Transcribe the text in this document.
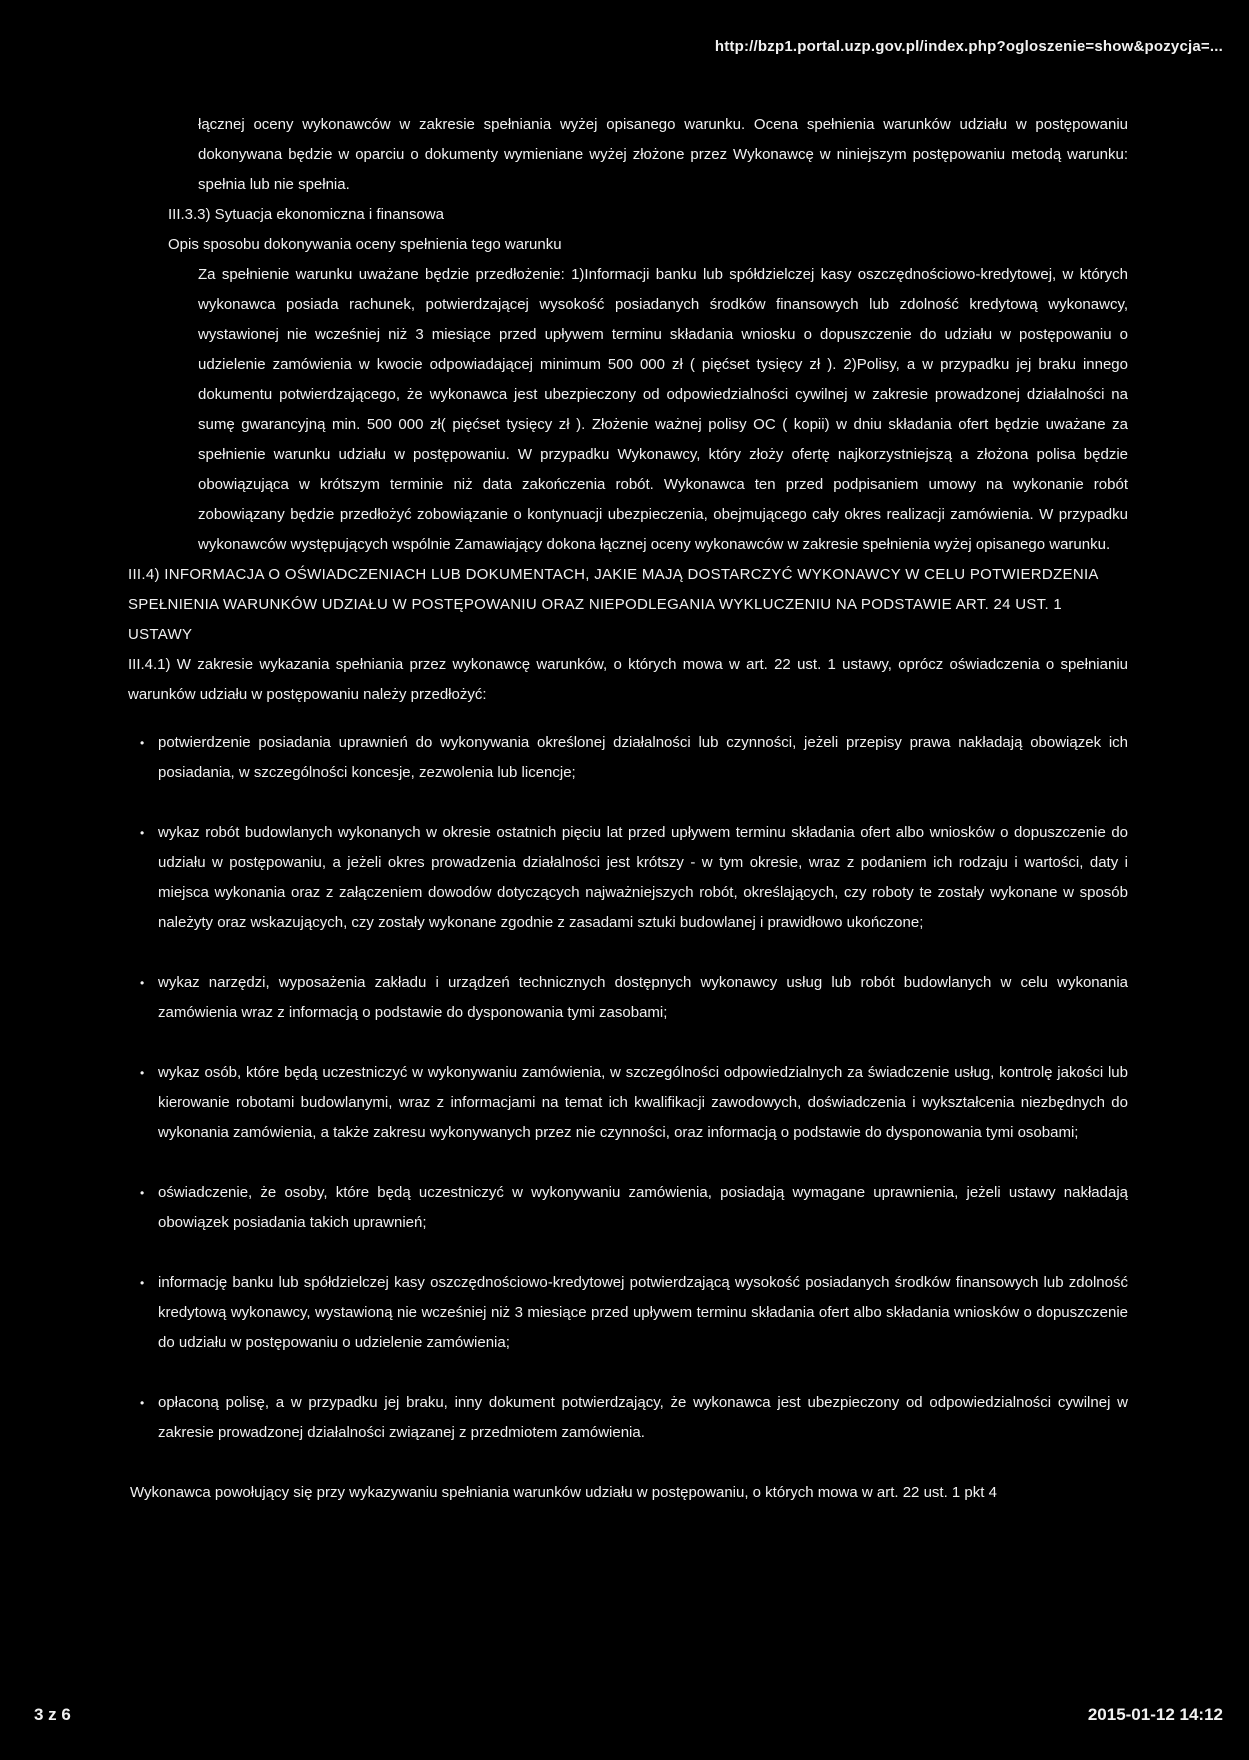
http://bzp1.portal.uzp.gov.pl/index.php?ogloszenie=show&pozycja=...

łącznej oceny wykonawców w zakresie spełniania wyżej opisanego warunku. Ocena spełnienia warunków udziału w postępowaniu dokonywana będzie w oparciu o dokumenty wymieniane wyżej złożone przez Wykonawcę w niniejszym postępowaniu metodą warunku: spełnia lub nie spełnia.

III.3.3) Sytuacja ekonomiczna i finansowa

Opis sposobu dokonywania oceny spełnienia tego warunku

Za spełnienie warunku uważane będzie przedłożenie: 1)Informacji banku lub spółdzielczej kasy oszczędnościowo-kredytowej, w których wykonawca posiada rachunek, potwierdzającej wysokość posiadanych środków finansowych lub zdolność kredytową wykonawcy, wystawionej nie wcześniej niż 3 miesiące przed upływem terminu składania wniosku o dopuszczenie do udziału w postępowaniu o udzielenie zamówienia w kwocie odpowiadającej minimum 500 000 zł ( pięćset tysięcy zł ). 2)Polisy, a w przypadku jej braku innego dokumentu potwierdzającego, że wykonawca jest ubezpieczony od odpowiedzialności cywilnej w zakresie prowadzonej działalności na sumę gwarancyjną min. 500 000 zł( pięćset tysięcy zł ). Złożenie ważnej polisy OC ( kopii) w dniu składania ofert będzie uważane za spełnienie warunku udziału w postępowaniu. W przypadku Wykonawcy, który złoży ofertę najkorzystniejszą a złożona polisa będzie obowiązująca w krótszym terminie niż data zakończenia robót. Wykonawca ten przed podpisaniem umowy na wykonanie robót zobowiązany będzie przedłożyć zobowiązanie o kontynuacji ubezpieczenia, obejmującego cały okres realizacji zamówienia. W przypadku wykonawców występujących wspólnie Zamawiający dokona łącznej oceny wykonawców w zakresie spełnienia wyżej opisanego warunku.

III.4) INFORMACJA O OŚWIADCZENIACH LUB DOKUMENTACH, JAKIE MAJĄ DOSTARCZYĆ WYKONAWCY W CELU POTWIERDZENIA SPEŁNIENIA WARUNKÓW UDZIAŁU W POSTĘPOWANIU ORAZ NIEPODLEGANIA WYKLUCZENIU NA PODSTAWIE ART. 24 UST. 1 USTAWY

III.4.1) W zakresie wykazania spełniania przez wykonawcę warunków, o których mowa w art. 22 ust. 1 ustawy, oprócz oświadczenia o spełnianiu warunków udziału w postępowaniu należy przedłożyć:

• potwierdzenie posiadania uprawnień do wykonywania określonej działalności lub czynności, jeżeli przepisy prawa nakładają obowiązek ich posiadania, w szczególności koncesje, zezwolenia lub licencje;
• wykaz robót budowlanych wykonanych w okresie ostatnich pięciu lat przed upływem terminu składania ofert albo wniosków o dopuszczenie do udziału w postępowaniu, a jeżeli okres prowadzenia działalności jest krótszy - w tym okresie, wraz z podaniem ich rodzaju i wartości, daty i miejsca wykonania oraz z załączeniem dowodów dotyczących najważniejszych robót, określających, czy roboty te zostały wykonane w sposób należyty oraz wskazujących, czy zostały wykonane zgodnie z zasadami sztuki budowlanej i prawidłowo ukończone;
• wykaz narzędzi, wyposażenia zakładu i urządzeń technicznych dostępnych wykonawcy usług lub robót budowlanych w celu wykonania zamówienia wraz z informacją o podstawie do dysponowania tymi zasobami;
• wykaz osób, które będą uczestniczyć w wykonywaniu zamówienia, w szczególności odpowiedzialnych za świadczenie usług, kontrolę jakości lub kierowanie robotami budowlanymi, wraz z informacjami na temat ich kwalifikacji zawodowych, doświadczenia i wykształcenia niezbędnych do wykonania zamówienia, a także zakresu wykonywanych przez nie czynności, oraz informacją o podstawie do dysponowania tymi osobami;
• oświadczenie, że osoby, które będą uczestniczyć w wykonywaniu zamówienia, posiadają wymagane uprawnienia, jeżeli ustawy nakładają obowiązek posiadania takich uprawnień;
• informację banku lub spółdzielczej kasy oszczędnościowo-kredytowej potwierdzającą wysokość posiadanych środków finansowych lub zdolność kredytową wykonawcy, wystawioną nie wcześniej niż 3 miesiące przed upływem terminu składania ofert albo składania wniosków o dopuszczenie do udziału w postępowaniu o udzielenie zamówienia;
• opłaconą polisę, a w przypadku jej braku, inny dokument potwierdzający, że wykonawca jest ubezpieczony od odpowiedzialności cywilnej w zakresie prowadzonej działalności związanej z przedmiotem zamówienia.

Wykonawca powołujący się przy wykazywaniu spełniania warunków udziału w postępowaniu, o których mowa w art. 22 ust. 1 pkt 4

3 z 6	2015-01-12 14:12
